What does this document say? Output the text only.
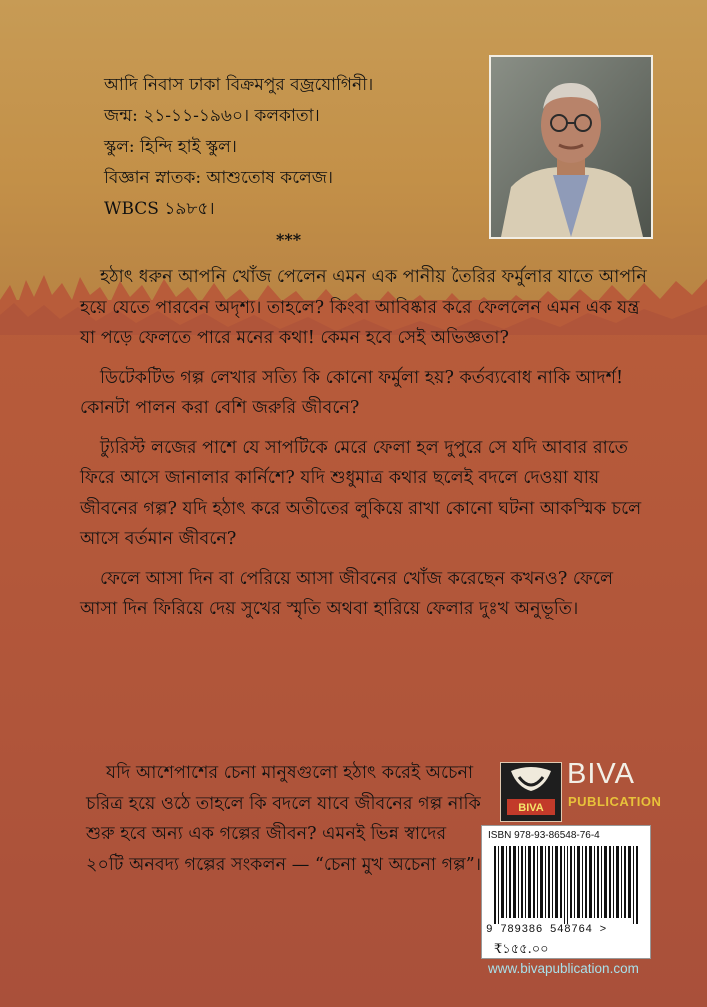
আদি নিবাস ঢাকা বিক্রমপুর বজ্রযোগিনী।
জন্ম: ২১-১১-১৯৬০। কলকাতা।
স্কুল: হিন্দি হাই স্কুল।
বিজ্ঞান স্নাতক: আশুতোষ কলেজ।
WBCS ১৯৮৫।
***

হঠাৎ ধরুন আপনি খোঁজ পেলেন এমন এক পানীয় তৈরির ফর্মুলার যাতে আপনি হয়ে যেতে পারবেন অদৃশ্য। তাহলে? কিংবা আবিষ্কার করে ফেললেন এমন এক যন্ত্র যা পড়ে ফেলতে পারে মনের কথা! কেমন হবে সেই অভিজ্ঞতা?

ডিটেকটিভ গল্প লেখার সত্যি কি কোনো ফর্মুলা হয়? কর্তব্যবোধ নাকি আদর্শ! কোনটা পালন করা বেশি জরুরি জীবনে?

ট্যুরিস্ট লজের পাশে যে সাপটিকে মেরে ফেলা হল দুপুরে সে যদি আবার রাতে ফিরে আসে জানালার কার্নিশে? যদি শুধুমাত্র কথার ছলেই বদলে দেওয়া যায় জীবনের গল্প? যদি হঠাৎ করে অতীতের লুকিয়ে রাখা কোনো ঘটনা আকস্মিক চলে আসে বর্তমান জীবনে?

ফেলে আসা দিন বা পেরিয়ে আসা জীবনের খোঁজ করেছেন কখনও? ফেলে আসা দিন ফিরিয়ে দেয় সুখের স্মৃতি অথবা হারিয়ে ফেলার দুঃখ অনুভূতি।

যদি আশেপাশের চেনা মানুষগুলো হঠাৎ করেই অচেনা চরিত্র হয়ে ওঠে তাহলে কি বদলে যাবে জীবনের গল্প নাকি শুরু হবে অন্য এক গল্পের জীবন? এমনই ভিন্ন স্বাদের ২০টি অনবদ্য গল্পের সংকলন — “চেনা মুখ অচেনা গল্প”।

BIVA
BIVA
PUBLICATION
ISBN 978-93-86548-76-4
9 789386 548764 >
₹১৫৫.০০
www.bivapublication.com
